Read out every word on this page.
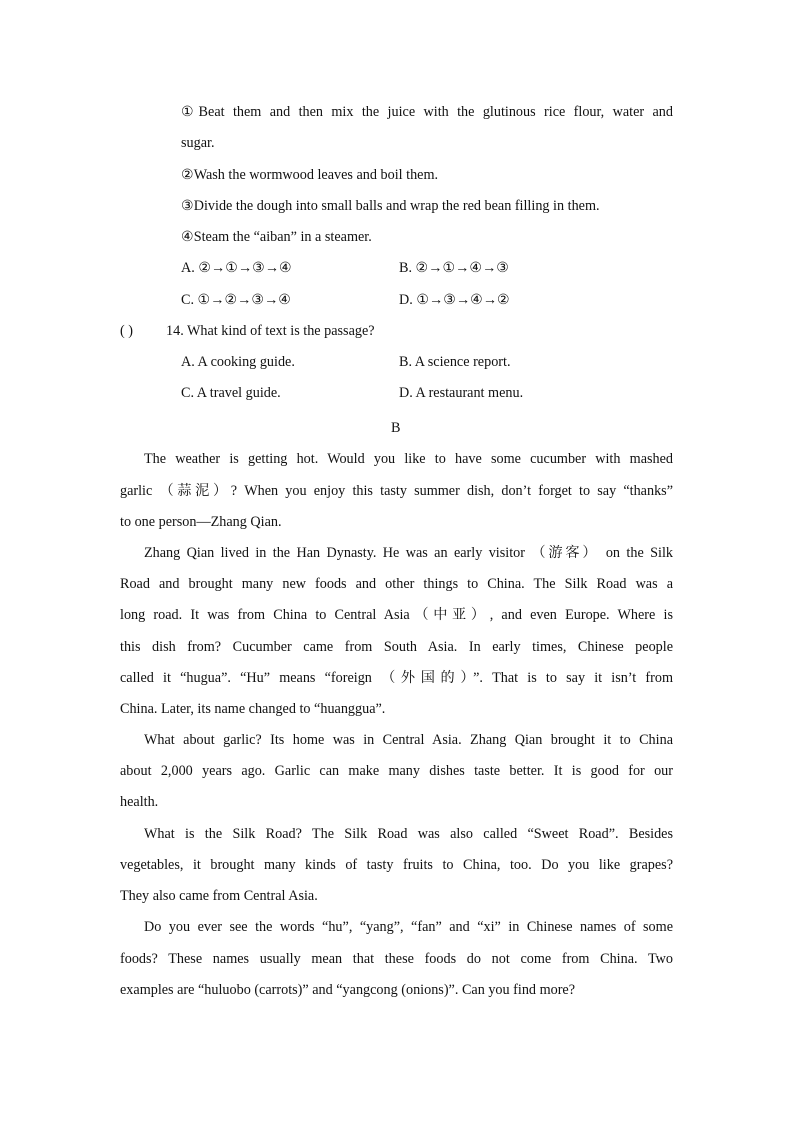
①Beat them and then mix the juice with the glutinous rice flour, water and
sugar.
②Wash the wormwood leaves and boil them.
③Divide the dough into small balls and wrap the red bean filling in them.
④Steam the “aiban” in a steamer.
A. ②→①→③→④	B. ②→①→④→③
C. ①→②→③→④	D. ①→③→④→②
( ) 14. What kind of text is the passage?
A. A cooking guide.	B. A science report.
C. A travel guide.	D. A restaurant menu.
B
The weather is getting hot. Would you like to have some cucumber with mashed
garlic （蒜泥）? When you enjoy this tasty summer dish, don’t forget to say “thanks”
to one person—Zhang Qian.
Zhang Qian lived in the Han Dynasty. He was an early visitor （游客） on the Silk
Road and brought many new foods and other things to China. The Silk Road was a
long road. It was from China to Central Asia（中亚）, and even Europe. Where is
this dish from? Cucumber came from South Asia. In early times, Chinese people
called it “hugua”. “Hu” means “foreign （外国的）”. That is to say it isn’t from
China. Later, its name changed to “huanggua”.
What about garlic? Its home was in Central Asia. Zhang Qian brought it to China
about 2,000 years ago. Garlic can make many dishes taste better. It is good for our
health.
What is the Silk Road? The Silk Road was also called “Sweet Road”. Besides
vegetables, it brought many kinds of tasty fruits to China, too. Do you like grapes?
They also came from Central Asia.
Do you ever see the words “hu”, “yang”, “fan” and “xi” in Chinese names of some
foods? These names usually mean that these foods do not come from China. Two
examples are “huluobo (carrots)” and “yangcong (onions)”. Can you find more?
